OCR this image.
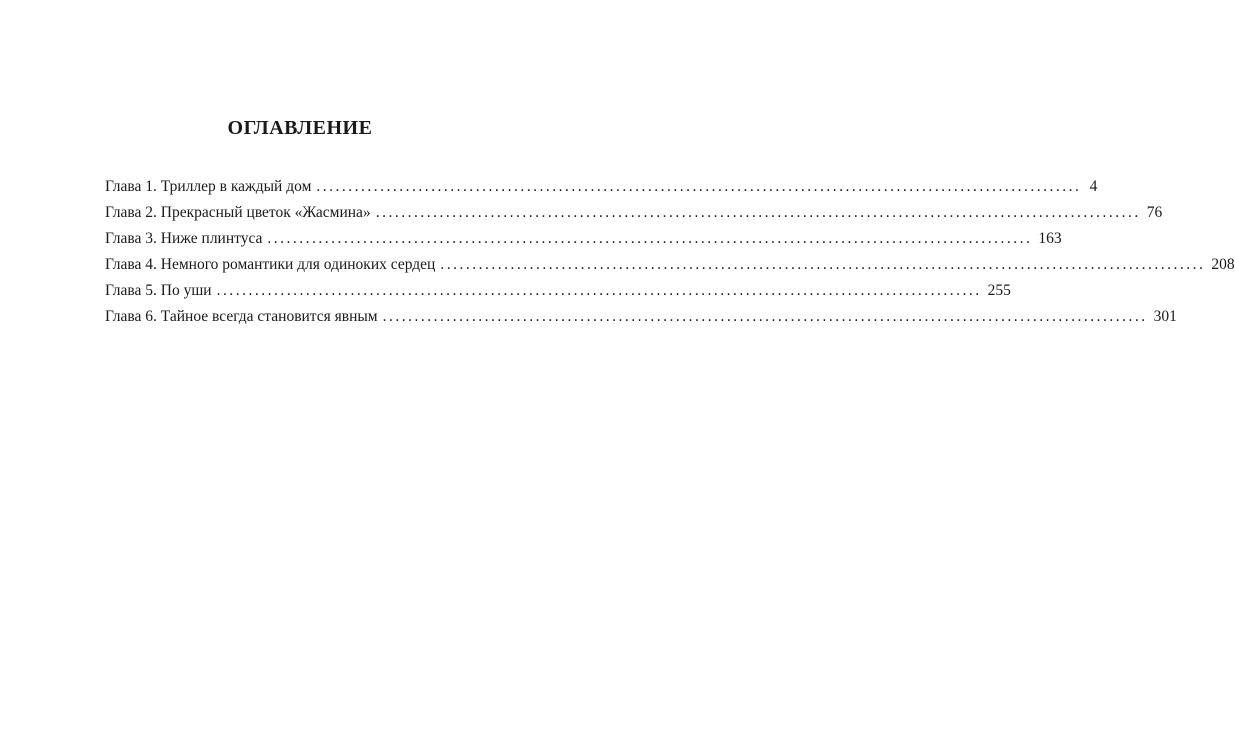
ОГЛАВЛЕНИЕ
Глава 1. Триллер в каждый дом ........................................................................................................................ 4
Глава 2. Прекрасный цветок «Жасмина» ........................................................................................................................ 76
Глава 3. Ниже плинтуса ........................................................................................................................ 163
Глава 4. Немного романтики для одиноких сердец ........................................................................................................................ 208
Глава 5. По уши ........................................................................................................................ 255
Глава 6. Тайное всегда становится явным ........................................................................................................................ 301
